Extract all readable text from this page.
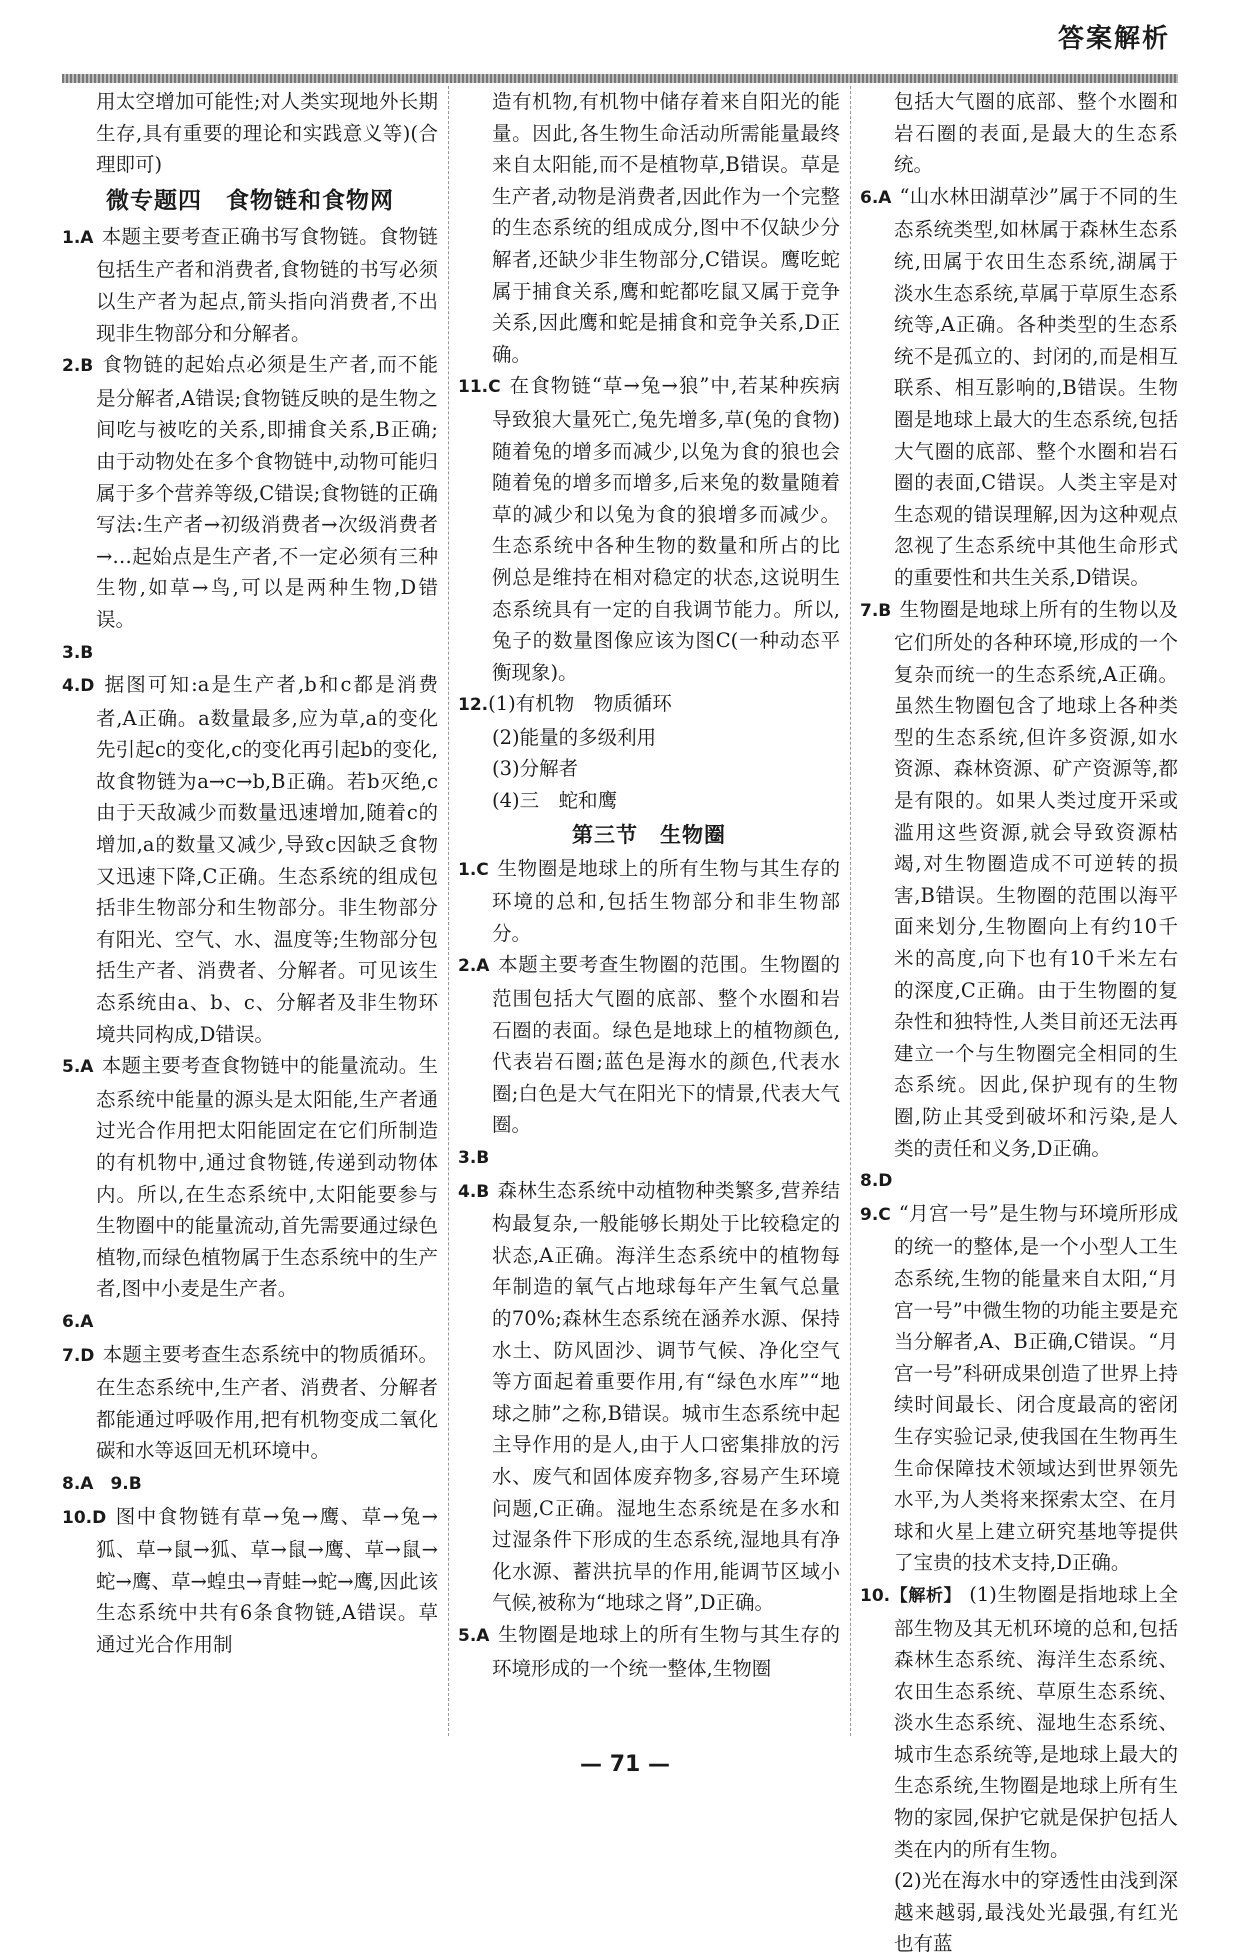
答案解析

用太空增加可能性;对人类实现地外长期生存,具有重要的理论和实践意义等)(合理即可)

微专题四　食物链和食物网

1.A 本题主要考查正确书写食物链。食物链包括生产者和消费者,食物链的书写必须以生产者为起点,箭头指向消费者,不出现非生物部分和分解者。

2.B 食物链的起始点必须是生产者,而不能是分解者,A错误;食物链反映的是生物之间吃与被吃的关系,即捕食关系,B正确;由于动物处在多个食物链中,动物可能归属于多个营养等级,C错误;食物链的正确写法:生产者→初级消费者→次级消费者→…起始点是生产者,不一定必须有三种生物,如草→鸟,可以是两种生物,D错误。

3.B

4.D 据图可知:a是生产者,b和c都是消费者,A正确。a数量最多,应为草,a的变化先引起c的变化,c的变化再引起b的变化,故食物链为a→c→b,B正确。若b灭绝,c由于天敌减少而数量迅速增加,随着c的增加,a的数量又减少,导致c因缺乏食物又迅速下降,C正确。生态系统的组成包括非生物部分和生物部分。非生物部分有阳光、空气、水、温度等;生物部分包括生产者、消费者、分解者。可见该生态系统由a、b、c、分解者及非生物环境共同构成,D错误。

5.A 本题主要考查食物链中的能量流动。生态系统中能量的源头是太阳能,生产者通过光合作用把太阳能固定在它们所制造的有机物中,通过食物链,传递到动物体内。所以,在生态系统中,太阳能要参与生物圈中的能量流动,首先需要通过绿色植物,而绿色植物属于生态系统中的生产者,图中小麦是生产者。

6.A

7.D 本题主要考查生态系统中的物质循环。在生态系统中,生产者、消费者、分解者都能通过呼吸作用,把有机物变成二氧化碳和水等返回无机环境中。

8.A　9.B

10.D 图中食物链有草→兔→鹰、草→兔→狐、草→鼠→狐、草→鼠→鹰、草→鼠→蛇→鹰、草→蝗虫→青蛙→蛇→鹰,因此该生态系统中共有6条食物链,A错误。草通过光合作用制

造有机物,有机物中储存着来自阳光的能量。因此,各生物生命活动所需能量最终来自太阳能,而不是植物草,B错误。草是生产者,动物是消费者,因此作为一个完整的生态系统的组成成分,图中不仅缺少分解者,还缺少非生物部分,C错误。鹰吃蛇属于捕食关系,鹰和蛇都吃鼠又属于竞争关系,因此鹰和蛇是捕食和竞争关系,D正确。

11.C 在食物链“草→兔→狼”中,若某种疾病导致狼大量死亡,兔先增多,草(兔的食物)随着兔的增多而减少,以兔为食的狼也会随着兔的增多而增多,后来兔的数量随着草的减少和以兔为食的狼增多而减少。生态系统中各种生物的数量和所占的比例总是维持在相对稳定的状态,这说明生态系统具有一定的自我调节能力。所以,兔子的数量图像应该为图C(一种动态平衡现象)。

12.(1)有机物　物质循环

(2)能量的多级利用

(3)分解者

(4)三　蛇和鹰

第三节　生物圈

1.C 生物圈是地球上的所有生物与其生存的环境的总和,包括生物部分和非生物部分。

2.A 本题主要考查生物圈的范围。生物圈的范围包括大气圈的底部、整个水圈和岩石圈的表面。绿色是地球上的植物颜色,代表岩石圈;蓝色是海水的颜色,代表水圈;白色是大气在阳光下的情景,代表大气圈。

3.B

4.B 森林生态系统中动植物种类繁多,营养结构最复杂,一般能够长期处于比较稳定的状态,A正确。海洋生态系统中的植物每年制造的氧气占地球每年产生氧气总量的70%;森林生态系统在涵养水源、保持水土、防风固沙、调节气候、净化空气等方面起着重要作用,有“绿色水库”“地球之肺”之称,B错误。城市生态系统中起主导作用的是人,由于人口密集排放的污水、废气和固体废弃物多,容易产生环境问题,C正确。湿地生态系统是在多水和过湿条件下形成的生态系统,湿地具有净化水源、蓄洪抗旱的作用,能调节区域小气候,被称为“地球之肾”,D正确。

5.A 生物圈是地球上的所有生物与其生存的环境形成的一个统一整体,生物圈

包括大气圈的底部、整个水圈和岩石圈的表面,是最大的生态系统。

6.A “山水林田湖草沙”属于不同的生态系统类型,如林属于森林生态系统,田属于农田生态系统,湖属于淡水生态系统,草属于草原生态系统等,A正确。各种类型的生态系统不是孤立的、封闭的,而是相互联系、相互影响的,B错误。生物圈是地球上最大的生态系统,包括大气圈的底部、整个水圈和岩石圈的表面,C错误。人类主宰是对生态观的错误理解,因为这种观点忽视了生态系统中其他生命形式的重要性和共生关系,D错误。

7.B 生物圈是地球上所有的生物以及它们所处的各种环境,形成的一个复杂而统一的生态系统,A正确。虽然生物圈包含了地球上各种类型的生态系统,但许多资源,如水资源、森林资源、矿产资源等,都是有限的。如果人类过度开采或滥用这些资源,就会导致资源枯竭,对生物圈造成不可逆转的损害,B错误。生物圈的范围以海平面来划分,生物圈向上有约10千米的高度,向下也有10千米左右的深度,C正确。由于生物圈的复杂性和独特性,人类目前还无法再建立一个与生物圈完全相同的生态系统。因此,保护现有的生物圈,防止其受到破坏和污染,是人类的责任和义务,D正确。

8.D

9.C “月宫一号”是生物与环境所形成的统一的整体,是一个小型人工生态系统,生物的能量来自太阳,“月宫一号”中微生物的功能主要是充当分解者,A、B正确,C错误。“月宫一号”科研成果创造了世界上持续时间最长、闭合度最高的密闭生存实验记录,使我国在生物再生生命保障技术领域达到世界领先水平,为人类将来探索太空、在月球和火星上建立研究基地等提供了宝贵的技术支持,D正确。

10.【解析】 (1)生物圈是指地球上全部生物及其无机环境的总和,包括森林生态系统、海洋生态系统、农田生态系统、草原生态系统、淡水生态系统、湿地生态系统、城市生态系统等,是地球上最大的生态系统,生物圈是地球上所有生物的家园,保护它就是保护包括人类在内的所有生物。

(2)光在海水中的穿透性由浅到深越来越弱,最浅处光最强,有红光也有蓝

— 71 —
